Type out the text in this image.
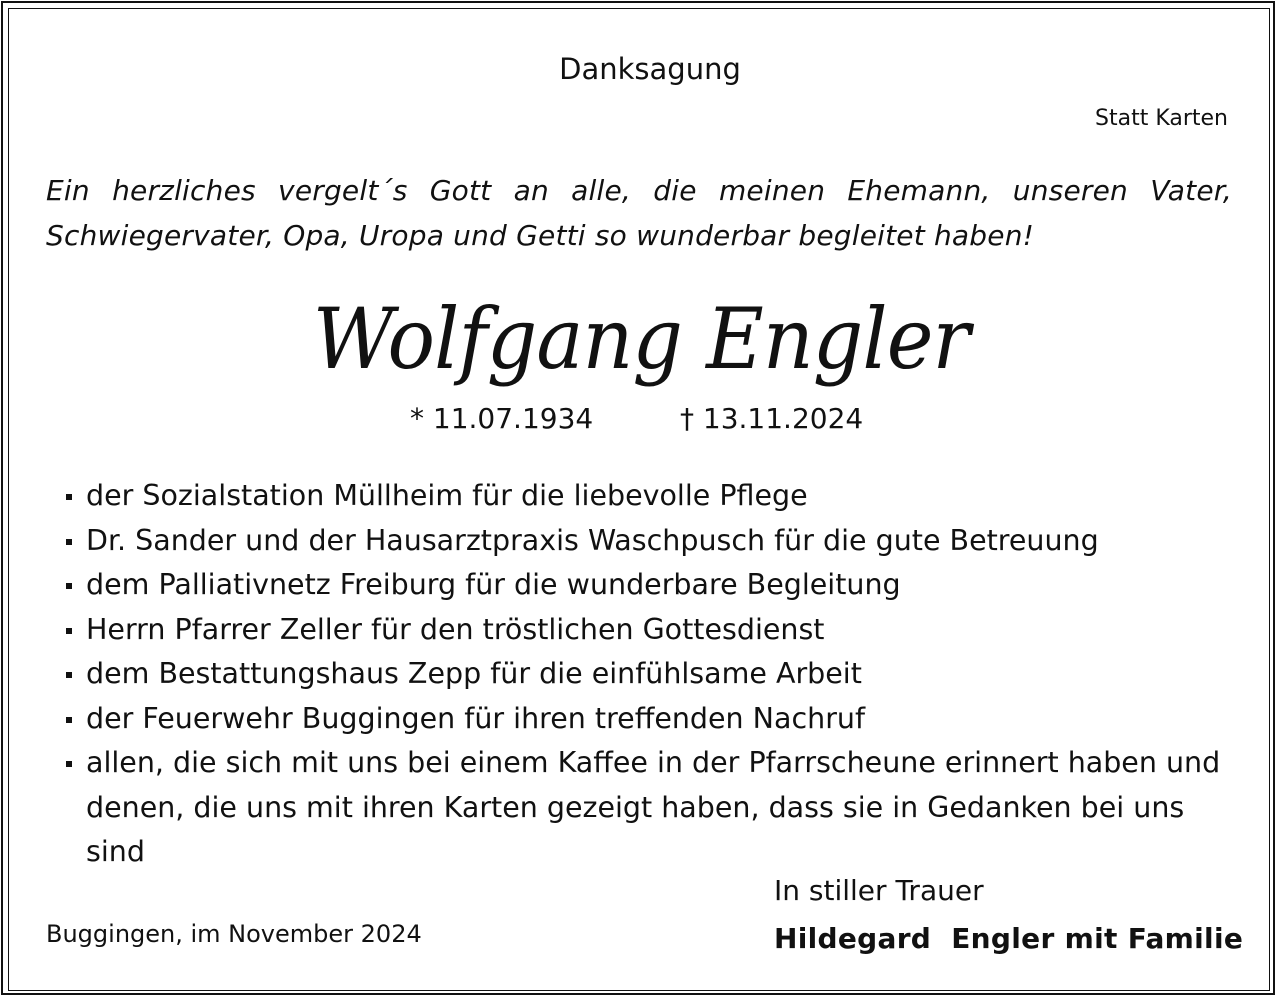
Danksagung
Statt Karten
Ein herzliches vergelt´s Gott an alle, die meinen Ehemann, unseren Vater, Schwiegervater, Opa, Uropa und Getti so wunderbar begleitet haben!
Wolfgang Engler
* 11.07.1934	† 13.11.2024
der Sozialstation Müllheim für die liebevolle Pflege
Dr. Sander und der Hausarztpraxis Waschpusch für die gute Betreuung
dem Palliativnetz Freiburg für die wunderbare Begleitung
Herrn Pfarrer Zeller für den tröstlichen Gottesdienst
dem Bestattungshaus Zepp für die einfühlsame Arbeit
der Feuerwehr Buggingen für ihren treffenden Nachruf
allen, die sich mit uns bei einem Kaffee in der Pfarrscheune erinnert haben und denen, die uns mit ihren Karten gezeigt haben, dass sie in Gedanken bei uns sind
Buggingen, im November 2024
In stiller Trauer
Hildegard  Engler mit Familie
